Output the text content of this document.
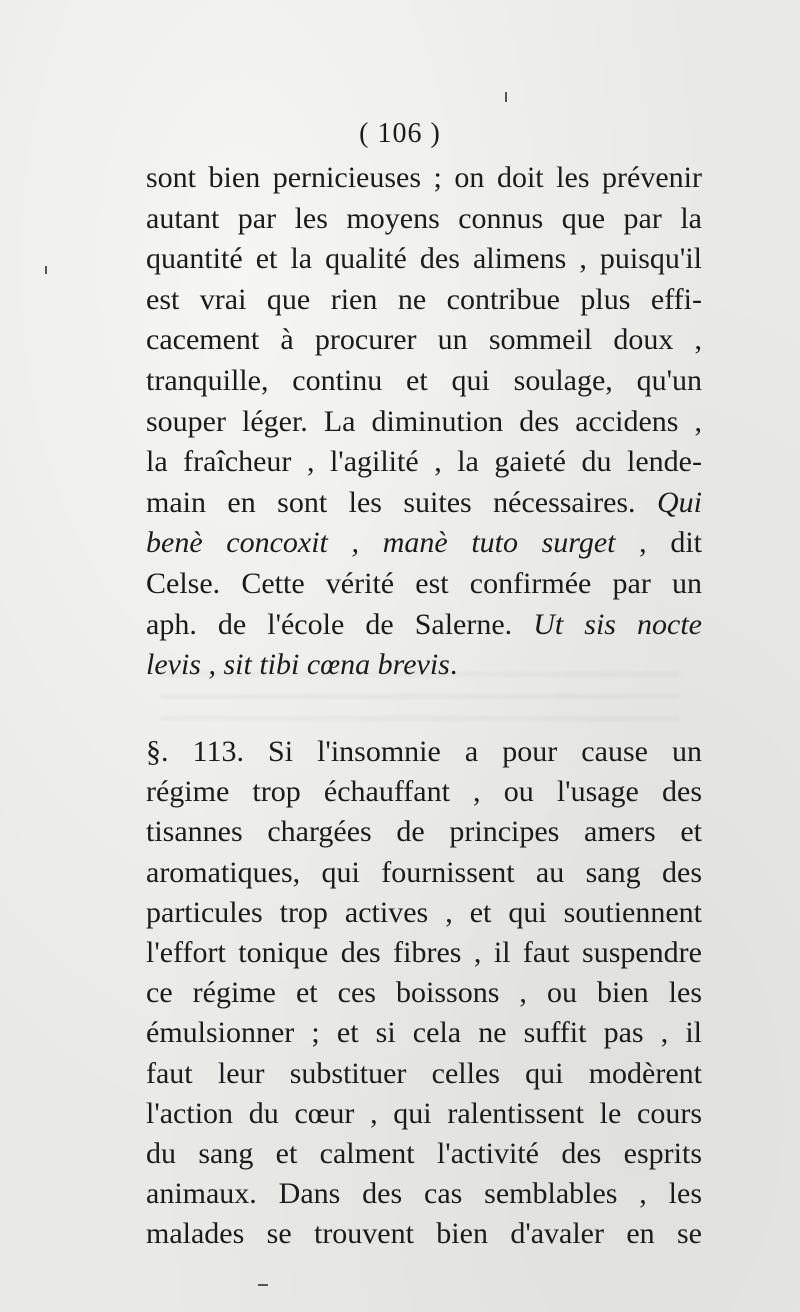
( 106 )
sont bien pernicieuses ; on doit les prévenir
autant par les moyens connus que par la
quantité et la qualité des alimens , puisqu'il
est vrai que rien ne contribue plus effi-
cacement à procurer un sommeil doux ,
tranquille, continu et qui soulage, qu'un
souper léger. La diminution des accidens ,
la fraîcheur , l'agilité , la gaieté du lende-
main en sont les suites nécessaires. Qui
benè concoxit , manè tuto surget , dit
Celse. Cette vérité est confirmée par un
aph. de l'école de Salerne. Ut sis nocte
levis , sit tibi cœna brevis.
§. 113. Si l'insomnie a pour cause un
régime trop échauffant , ou l'usage des
tisannes chargées de principes amers et
aromatiques, qui fournissent au sang des
particules trop actives , et qui soutiennent
l'effort tonique des fibres , il faut suspendre
ce régime et ces boissons , ou bien les
émulsionner ; et si cela ne suffit pas , il
faut leur substituer celles qui modèrent
l'action du cœur , qui ralentissent le cours
du sang et calment l'activité des esprits
animaux. Dans des cas semblables , les
malades se trouvent bien d'avaler en se
